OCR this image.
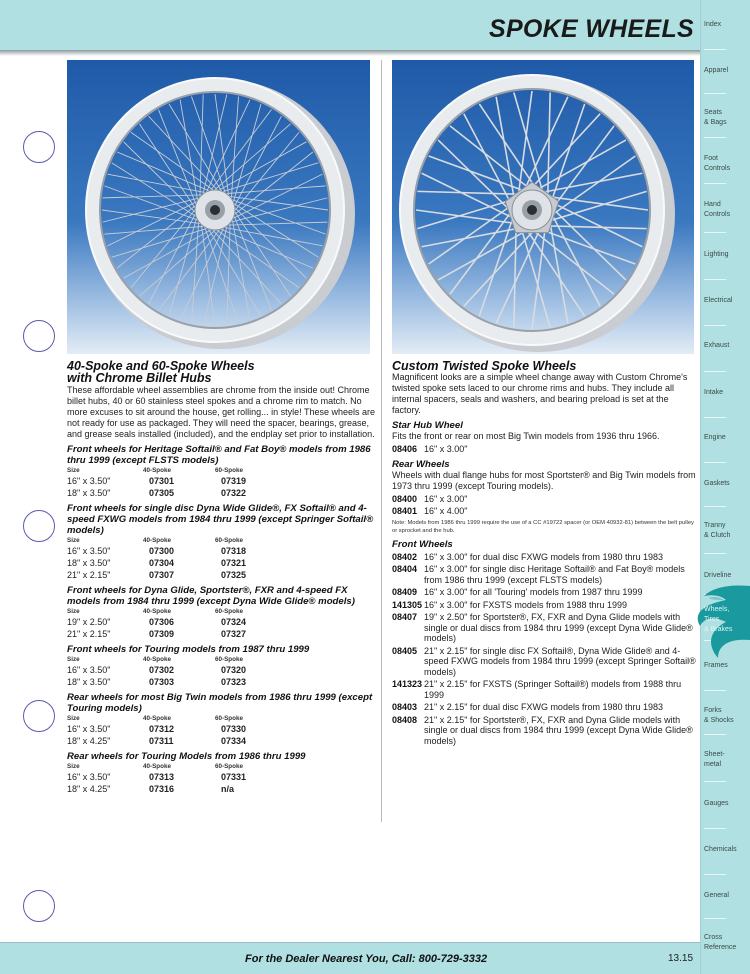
SPOKE WHEELS Index
Apparel
Seats
& Bags
Foot
Controls
Hand
Controls
Lighting
Electrical
Exhaust
Intake
Engine
Gaskets
Tranny
& Clutch
Driveline
Wheels,
Tires
& Brakes
Frames
Forks
& Shocks
Sheet-
metal
Gauges
Chemicals
General
Cross
Reference
40-Spoke and 60-Spoke Wheels
with Chrome Billet Hubs
These affordable wheel assemblies are chrome from the inside out! Chrome billet hubs, 40 or 60 stainless steel spokes and a chrome rim to match. No more excuses to sit around the house, get rolling... in style! These wheels are not ready for use as packaged. They will need the spacer, bearings, grease, and grease seals installed (included), and the endplay set prior to installation.
Front wheels for Heritage Softail® and Fat Boy® models from 1986 thru 1999 (except FLSTS models)
Size	40-Spoke	60-Spoke
16" x 3.50"	07301	07319
18" x 3.50"	07305	07322
Front wheels for single disc Dyna Wide Glide®, FX Softail® and 4-speed FXWG models from 1984 thru 1999 (except Springer Softail® models)
Size	40-Spoke	60-Spoke
16" x 3.50"	07300	07318
18" x 3.50"	07304	07321
21" x 2.15"	07307	07325
Front wheels for Dyna Glide, Sportster®, FXR and 4-speed FX models from 1984 thru 1999 (except Dyna Wide Glide® models)
Size	40-Spoke	60-Spoke
19" x 2.50"	07306	07324
21" x 2.15"	07309	07327
Front wheels for Touring models from 1987 thru 1999
Size	40-Spoke	60-Spoke
16" x 3.50"	07302	07320
18" x 3.50"	07303	07323
Rear wheels for most Big Twin models from 1986 thru 1999 (except Touring models)
Size	40-Spoke	60-Spoke
16" x 3.50"	07312	07330
18" x 4.25"	07311	07334
Rear wheels for Touring Models from 1986 thru 1999
Size	40-Spoke	60-Spoke
16" x 3.50"	07313	07331
18" x 4.25"	07316	n/a
Custom Twisted Spoke Wheels
Magnificent looks are a simple wheel change away with Custom Chrome's twisted spoke sets laced to our chrome rims and hubs. They include all internal spacers, seals and washers, and bearing preload is set at the factory.
Star Hub Wheel
Fits the front or rear on most Big Twin models from 1936 thru 1966.
08406 16" x 3.00"
Rear Wheels
Wheels with dual flange hubs for most Sportster® and Big Twin models from 1973 thru 1999 (except Touring models).
08400 16" x 3.00"
08401 16" x 4.00"
Note: Models from 1986 thru 1999 require the use of a CC #19722 spacer (or OEM 40932-81) between the belt pulley or sprocket and the hub.
Front Wheels
08402 16" x 3.00" for dual disc FXWG models from 1980 thru 1983
08404 16" x 3.00" for single disc Heritage Softail® and Fat Boy® models from 1986 thru 1999 (except FLSTS models)
08409 16" x 3.00" for all 'Touring' models from 1987 thru 1999
141305 16" x 3.00" for FXSTS models from 1988 thru 1999
08407 19" x 2.50" for Sportster®, FX, FXR and Dyna Glide models with single or dual discs from 1984 thru 1999 (except Dyna Wide Glide® models)
08405 21" x 2.15" for single disc FX Softail®, Dyna Wide Glide® and 4-speed FXWG models from 1984 thru 1999 (except Springer Softail® models)
141323 21" x 2.15" for FXSTS (Springer Softail®) models from 1988 thru 1999
08403 21" x 2.15" for dual disc FXWG models from 1980 thru 1983
08408 21" x 2.15" for Sportster®, FX, FXR and Dyna Glide models with single or dual discs from 1984 thru 1999 (except Dyna Wide Glide® models)
For the Dealer Nearest You, Call: 800-729-3332	13.15
